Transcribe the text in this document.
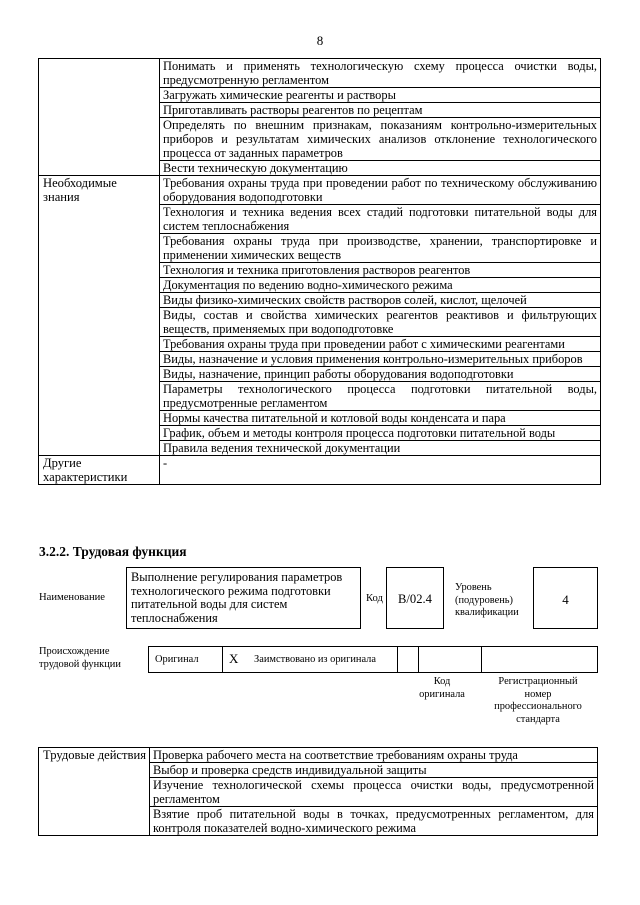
8
	Понимать и применять технологическую схему процесса очистки воды, предусмотренную регламентом
	Загружать химические реагенты и растворы
	Приготавливать растворы реагентов по рецептам
	Определять по внешним признакам, показаниям контрольно-измерительных приборов и результатам химических анализов отклонение технологического процесса от заданных параметров
	Вести техническую документацию
Необходимые знания	Требования охраны труда при проведении работ по техническому обслуживанию оборудования водоподготовки
	Технология и техника ведения всех стадий подготовки питательной воды для систем теплоснабжения
	Требования охраны труда при производстве, хранении, транспортировке и применении химических веществ
	Технология и техника приготовления растворов реагентов
	Документация по ведению водно-химического режима
	Виды физико-химических свойств растворов солей, кислот, щелочей
	Виды, состав и свойства химических реагентов реактивов и фильтрующих веществ, применяемых при водоподготовке
	Требования охраны труда при проведении работ с химическими реагентами
	Виды, назначение и условия применения контрольно-измерительных приборов
	Виды, назначение, принцип работы оборудования водоподготовки
	Параметры технологического процесса подготовки питательной воды, предусмотренные регламентом
	Нормы качества питательной и котловой воды конденсата и пара
	График, объем и методы контроля процесса подготовки питательной воды
	Правила ведения технической документации
Другие характеристики	-
3.2.2. Трудовая функция
Наименование
Выполнение регулирования параметров технологического режима подготовки питательной воды для систем теплоснабжения
Код	B/02.4
Уровень (подуровень) квалификации
4
Происхождение трудовой функции	Оригинал X Заимствовано из оригинала
Код оригинала
Регистрационный номер профессионального стандарта
Трудовые действия	Проверка рабочего места на соответствие требованиям охраны труда
Выбор и проверка средств индивидуальной защиты
Изучение технологической схемы процесса очистки воды, предусмотренной регламентом
Взятие проб питательной воды в точках, предусмотренных регламентом, для контроля показателей водно-химического режима
